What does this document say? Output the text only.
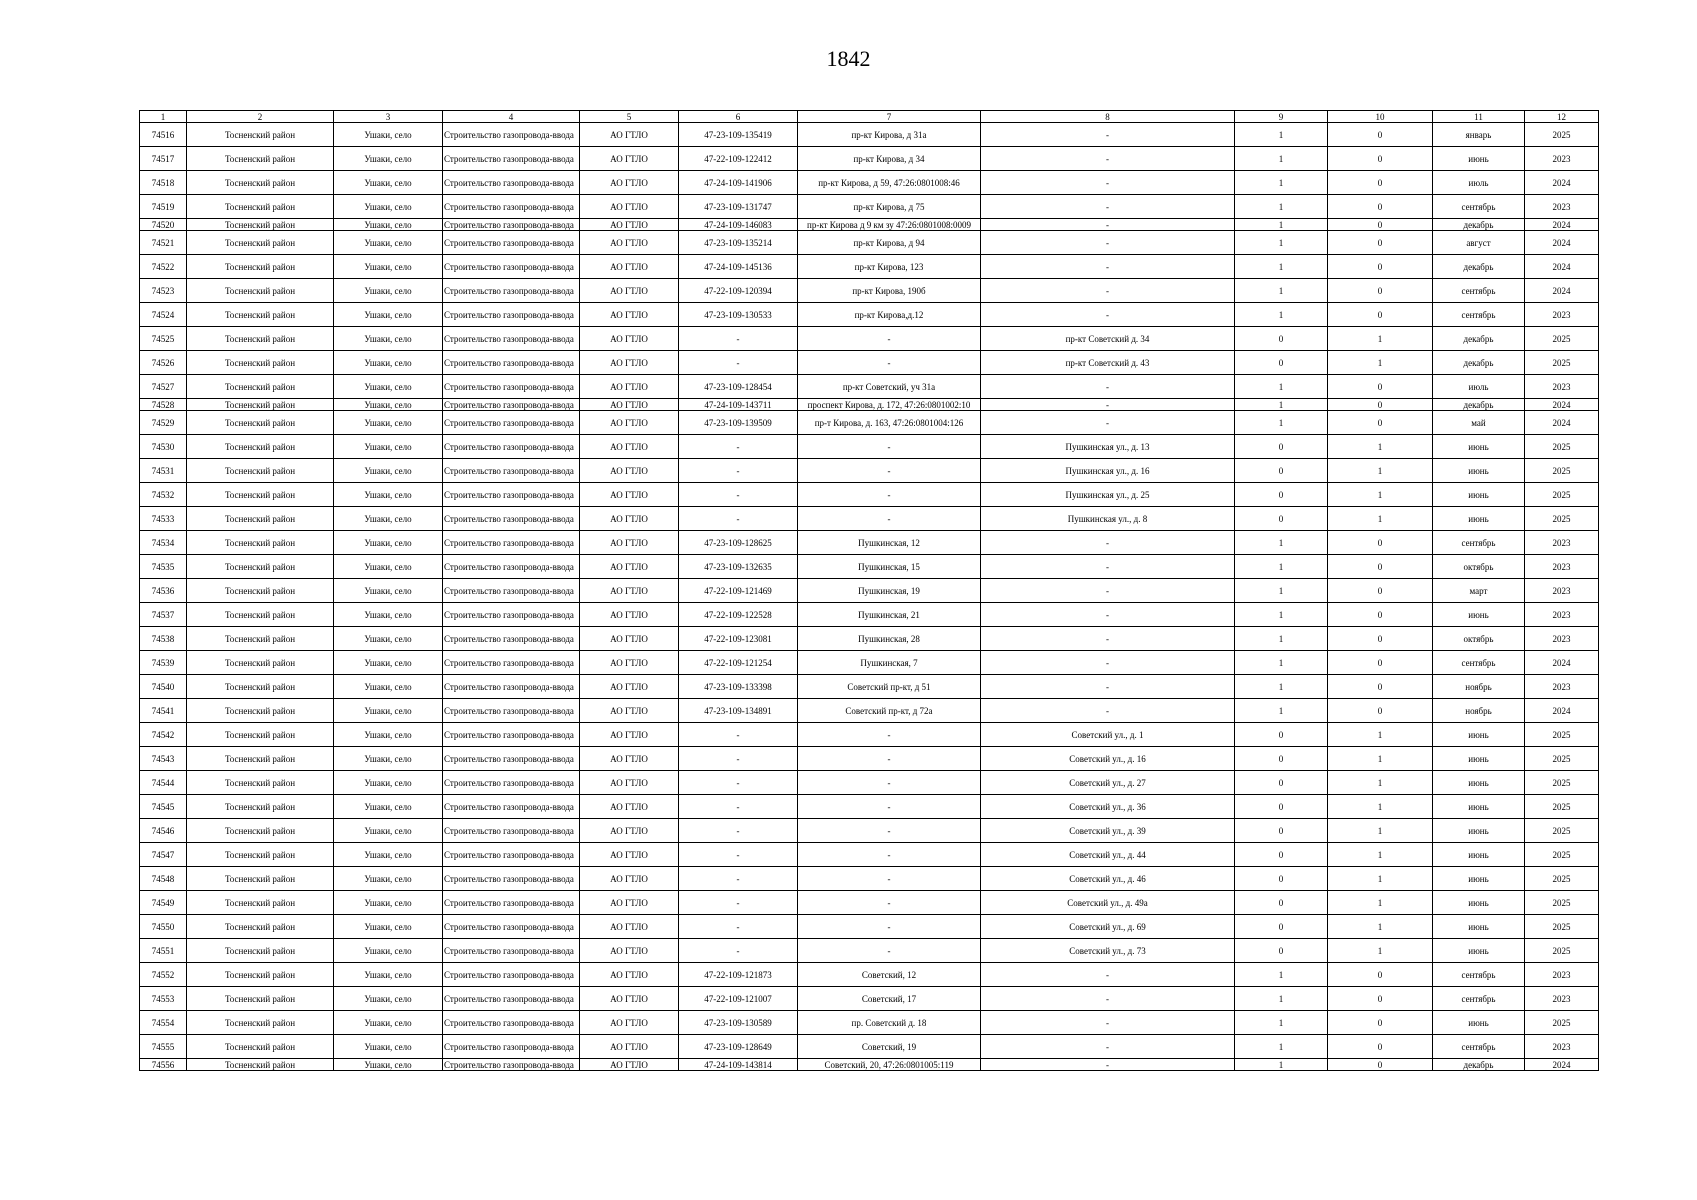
1842
1	2	3	4	5	6	7	8	9	10	11	12
74516	Тосненский район	Ушаки, село	Строительство газопровода-ввода	АО ГТЛО	47-23-109-135419	пр-кт Кирова, д 31а	-	1	0	январь	2025
74517	Тосненский район	Ушаки, село	Строительство газопровода-ввода	АО ГТЛО	47-22-109-122412	пр-кт Кирова, д 34	-	1	0	июнь	2023
74518	Тосненский район	Ушаки, село	Строительство газопровода-ввода	АО ГТЛО	47-24-109-141906	пр-кт Кирова, д 59, 47:26:0801008:46	-	1	0	июль	2024
74519	Тосненский район	Ушаки, село	Строительство газопровода-ввода	АО ГТЛО	47-23-109-131747	пр-кт Кирова, д 75	-	1	0	сентябрь	2023
74520	Тосненский район	Ушаки, село	Строительство газопровода-ввода	АО ГТЛО	47-24-109-146083	пр-кт Кирова д 9 км зу 47:26:0801008:0009	-	1	0	декабрь	2024
74521	Тосненский район	Ушаки, село	Строительство газопровода-ввода	АО ГТЛО	47-23-109-135214	пр-кт Кирова, д 94	-	1	0	август	2024
74522	Тосненский район	Ушаки, село	Строительство газопровода-ввода	АО ГТЛО	47-24-109-145136	пр-кт Кирова, 123	-	1	0	декабрь	2024
74523	Тосненский район	Ушаки, село	Строительство газопровода-ввода	АО ГТЛО	47-22-109-120394	пр-кт Кирова, 190б	-	1	0	сентябрь	2024
74524	Тосненский район	Ушаки, село	Строительство газопровода-ввода	АО ГТЛО	47-23-109-130533	пр-кт Кирова,д.12	-	1	0	сентябрь	2023
74525	Тосненский район	Ушаки, село	Строительство газопровода-ввода	АО ГТЛО	-	-	пр-кт Советский д. 34	0	1	декабрь	2025
74526	Тосненский район	Ушаки, село	Строительство газопровода-ввода	АО ГТЛО	-	-	пр-кт Советский д. 43	0	1	декабрь	2025
74527	Тосненский район	Ушаки, село	Строительство газопровода-ввода	АО ГТЛО	47-23-109-128454	пр-кт Советский, уч 31а	-	1	0	июль	2023
74528	Тосненский район	Ушаки, село	Строительство газопровода-ввода	АО ГТЛО	47-24-109-143711	проспект Кирова, д. 172, 47:26:0801002:10	-	1	0	декабрь	2024
74529	Тосненский район	Ушаки, село	Строительство газопровода-ввода	АО ГТЛО	47-23-109-139509	пр-т Кирова, д. 163, 47:26:0801004:126	-	1	0	май	2024
74530	Тосненский район	Ушаки, село	Строительство газопровода-ввода	АО ГТЛО	-	-	Пушкинская ул., д. 13	0	1	июнь	2025
74531	Тосненский район	Ушаки, село	Строительство газопровода-ввода	АО ГТЛО	-	-	Пушкинская ул., д. 16	0	1	июнь	2025
74532	Тосненский район	Ушаки, село	Строительство газопровода-ввода	АО ГТЛО	-	-	Пушкинская ул., д. 25	0	1	июнь	2025
74533	Тосненский район	Ушаки, село	Строительство газопровода-ввода	АО ГТЛО	-	-	Пушкинская ул., д. 8	0	1	июнь	2025
74534	Тосненский район	Ушаки, село	Строительство газопровода-ввода	АО ГТЛО	47-23-109-128625	Пушкинская, 12	-	1	0	сентябрь	2023
74535	Тосненский район	Ушаки, село	Строительство газопровода-ввода	АО ГТЛО	47-23-109-132635	Пушкинская, 15	-	1	0	октябрь	2023
74536	Тосненский район	Ушаки, село	Строительство газопровода-ввода	АО ГТЛО	47-22-109-121469	Пушкинская, 19	-	1	0	март	2023
74537	Тосненский район	Ушаки, село	Строительство газопровода-ввода	АО ГТЛО	47-22-109-122528	Пушкинская, 21	-	1	0	июнь	2023
74538	Тосненский район	Ушаки, село	Строительство газопровода-ввода	АО ГТЛО	47-22-109-123081	Пушкинская, 28	-	1	0	октябрь	2023
74539	Тосненский район	Ушаки, село	Строительство газопровода-ввода	АО ГТЛО	47-22-109-121254	Пушкинская, 7	-	1	0	сентябрь	2024
74540	Тосненский район	Ушаки, село	Строительство газопровода-ввода	АО ГТЛО	47-23-109-133398	Советский пр-кт, д 51	-	1	0	ноябрь	2023
74541	Тосненский район	Ушаки, село	Строительство газопровода-ввода	АО ГТЛО	47-23-109-134891	Советский пр-кт, д 72а	-	1	0	ноябрь	2024
74542	Тосненский район	Ушаки, село	Строительство газопровода-ввода	АО ГТЛО	-	-	Советский ул., д. 1	0	1	июнь	2025
74543	Тосненский район	Ушаки, село	Строительство газопровода-ввода	АО ГТЛО	-	-	Советский ул., д. 16	0	1	июнь	2025
74544	Тосненский район	Ушаки, село	Строительство газопровода-ввода	АО ГТЛО	-	-	Советский ул., д. 27	0	1	июнь	2025
74545	Тосненский район	Ушаки, село	Строительство газопровода-ввода	АО ГТЛО	-	-	Советский ул., д. 36	0	1	июнь	2025
74546	Тосненский район	Ушаки, село	Строительство газопровода-ввода	АО ГТЛО	-	-	Советский ул., д. 39	0	1	июнь	2025
74547	Тосненский район	Ушаки, село	Строительство газопровода-ввода	АО ГТЛО	-	-	Советский ул., д. 44	0	1	июнь	2025
74548	Тосненский район	Ушаки, село	Строительство газопровода-ввода	АО ГТЛО	-	-	Советский ул., д. 46	0	1	июнь	2025
74549	Тосненский район	Ушаки, село	Строительство газопровода-ввода	АО ГТЛО	-	-	Советский ул., д. 49а	0	1	июнь	2025
74550	Тосненский район	Ушаки, село	Строительство газопровода-ввода	АО ГТЛО	-	-	Советский ул., д. 69	0	1	июнь	2025
74551	Тосненский район	Ушаки, село	Строительство газопровода-ввода	АО ГТЛО	-	-	Советский ул., д. 73	0	1	июнь	2025
74552	Тосненский район	Ушаки, село	Строительство газопровода-ввода	АО ГТЛО	47-22-109-121873	Советский, 12	-	1	0	сентябрь	2023
74553	Тосненский район	Ушаки, село	Строительство газопровода-ввода	АО ГТЛО	47-22-109-121007	Советский, 17	-	1	0	сентябрь	2023
74554	Тосненский район	Ушаки, село	Строительство газопровода-ввода	АО ГТЛО	47-23-109-130589	пр. Советский д. 18	-	1	0	июнь	2025
74555	Тосненский район	Ушаки, село	Строительство газопровода-ввода	АО ГТЛО	47-23-109-128649	Советский, 19	-	1	0	сентябрь	2023
74556	Тосненский район	Ушаки, село	Строительство газопровода-ввода	АО ГТЛО	47-24-109-143814	Советский, 20, 47:26:0801005:119	-	1	0	декабрь	2024
